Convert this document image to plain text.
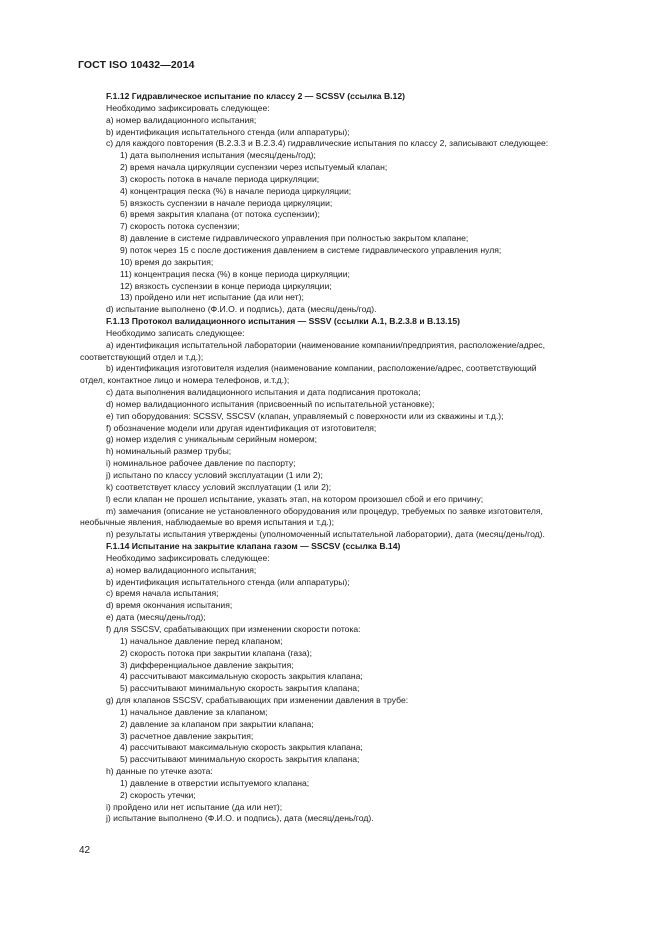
ГОСТ ISO 10432—2014
F.1.12 Гидравлическое испытание по классу 2 — SCSSV (ссылка В.12)
Необходимо зафиксировать следующее:
а) номер валидационного испытания;
b) идентификация испытательного стенда (или аппаратуры);
с) для каждого повторения (В.2.3.3 и В.2.3.4) гидравлические испытания по классу 2, записывают следующее:
1) дата выполнения испытания (месяц/день/год);
2) время начала циркуляции суспензии через испытуемый клапан;
3) скорость потока в начале периода циркуляции;
4) концентрация песка (%) в начале периода циркуляции;
5) вязкость суспензии в начале периода циркуляции;
6) время закрытия клапана (от потока суспензии);
7) скорость потока суспензии;
8) давление в системе гидравлического управления при полностью закрытом клапане;
9) поток через 15 с после достижения давлением в системе гидравлического управления нуля;
10) время до закрытия;
11) концентрация песка (%) в конце периода циркуляции;
12) вязкость суспензии в конце периода циркуляции;
13) пройдено или нет испытание (да или нет);
d) испытание выполнено (Ф.И.О. и подпись), дата (месяц/день/год).
F.1.13 Протокол валидационного испытания — SSSV (ссылки А.1, В.2.3.8 и В.13.15)
Необходимо записать следующее:
а) идентификация испытательной лаборатории (наименование компании/предприятия, расположение/адрес,
соответствующий отдел и т.д.);
b) идентификация изготовителя изделия (наименование компании, расположение/адрес, соответствующий
отдел, контактное лицо и номера телефонов, и.т.д.);
с) дата выполнения валидационного испытания и дата подписания протокола;
d) номер валидационного испытания (присвоенный по испытательной установке);
е) тип оборудования: SCSSV, SSCSV (клапан, управляемый с поверхности или из скважины и т.д.);
f) обозначение модели или другая идентификация от изготовителя;
g) номер изделия с уникальным серийным номером;
h) номинальный размер трубы;
i) номинальное рабочее давление по паспорту;
j) испытано по классу условий эксплуатации (1 или 2);
k) соответствует классу условий эксплуатации (1 или 2);
l) если клапан не прошел испытание, указать этап, на котором произошел сбой и его причину;
m) замечания (описание не установленного оборудования или процедур, требуемых по заявке изготовителя,
необычные явления, наблюдаемые во время испытания и т.д.);
n) результаты испытания утверждены (уполномоченный испытательной лаборатории), дата (месяц/день/год).
F.1.14 Испытание на закрытие клапана газом — SSCSV (ссылка В.14)
Необходимо зафиксировать следующее:
а) номер валидационного испытания;
b) идентификация испытательного стенда (или аппаратуры);
с) время начала испытания;
d) время окончания испытания;
е) дата (месяц/день/год);
f) для SSCSV, срабатывающих при изменении скорости потока:
1) начальное давление перед клапаном;
2) скорость потока при закрытии клапана (газа);
3) дифференциальное давление закрытия;
4) рассчитывают максимальную скорость закрытия клапана;
5) рассчитывают минимальную скорость закрытия клапана;
g) для клапанов SSCSV, срабатывающих при изменении давления в трубе:
1) начальное давление за клапаном;
2) давление за клапаном при закрытии клапана;
3) расчетное давление закрытия;
4) рассчитывают максимальную скорость закрытия клапана;
5) рассчитывают минимальную скорость закрытия клапана;
h) данные по утечке азота:
1) давление в отверстии испытуемого клапана;
2) скорость утечки;
i) пройдено или нет испытание (да или нет);
j) испытание выполнено (Ф.И.О. и подпись), дата (месяц/день/год).
42
